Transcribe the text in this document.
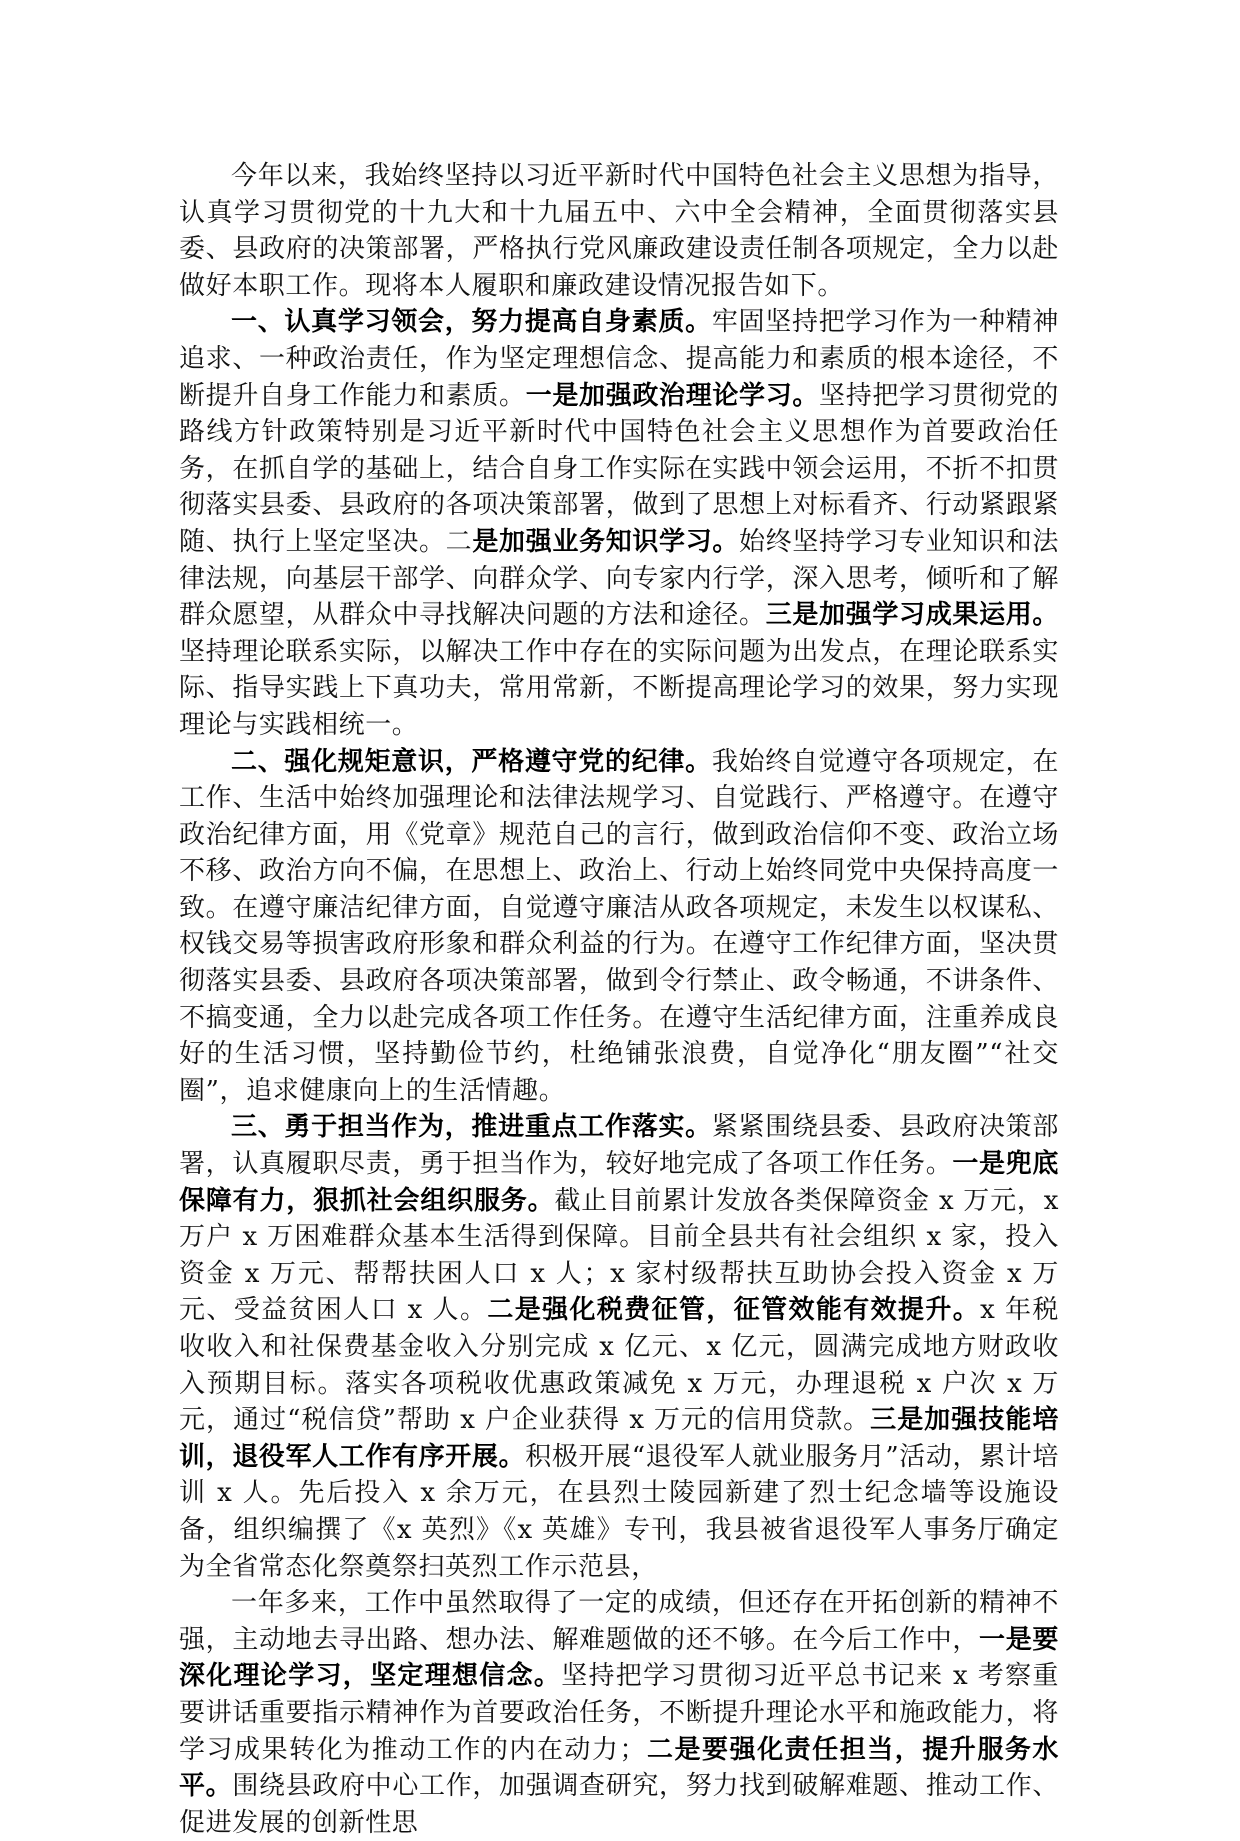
今年以来，我始终坚持以习近平新时代中国特色社会主义思想为指导，认真学习贯彻党的十九大和十九届五中、六中全会精神，全面贯彻落实县委、县政府的决策部署，严格执行党风廉政建设责任制各项规定，全力以赴做好本职工作。现将本人履职和廉政建设情况报告如下。

一、认真学习领会，努力提高自身素质。牢固坚持把学习作为一种精神追求、一种政治责任，作为坚定理想信念、提高能力和素质的根本途径，不断提升自身工作能力和素质。一是加强政治理论学习。坚持把学习贯彻党的路线方针政策特别是习近平新时代中国特色社会主义思想作为首要政治任务，在抓自学的基础上，结合自身工作实际在实践中领会运用，不折不扣贯彻落实县委、县政府的各项决策部署，做到了思想上对标看齐、行动紧跟紧随、执行上坚定坚决。二是加强业务知识学习。始终坚持学习专业知识和法律法规，向基层干部学、向群众学、向专家内行学，深入思考，倾听和了解群众愿望，从群众中寻找解决问题的方法和途径。三是加强学习成果运用。坚持理论联系实际，以解决工作中存在的实际问题为出发点，在理论联系实际、指导实践上下真功夫，常用常新，不断提高理论学习的效果，努力实现理论与实践相统一。

二、强化规矩意识，严格遵守党的纪律。我始终自觉遵守各项规定，在工作、生活中始终加强理论和法律法规学习、自觉践行、严格遵守。在遵守政治纪律方面，用《党章》规范自己的言行，做到政治信仰不变、政治立场不移、政治方向不偏，在思想上、政治上、行动上始终同党中央保持高度一致。在遵守廉洁纪律方面，自觉遵守廉洁从政各项规定，未发生以权谋私、权钱交易等损害政府形象和群众利益的行为。在遵守工作纪律方面，坚决贯彻落实县委、县政府各项决策部署，做到令行禁止、政令畅通，不讲条件、不搞变通，全力以赴完成各项工作任务。在遵守生活纪律方面，注重养成良好的生活习惯，坚持勤俭节约，杜绝铺张浪费，自觉净化“朋友圈”“社交圈”，追求健康向上的生活情趣。

三、勇于担当作为，推进重点工作落实。紧紧围绕县委、县政府决策部署，认真履职尽责，勇于担当作为，较好地完成了各项工作任务。一是兜底保障有力，狠抓社会组织服务。截止目前累计发放各类保障资金 x 万元，x 万户 x 万困难群众基本生活得到保障。目前全县共有社会组织 x 家，投入资金 x 万元、帮帮扶困人口 x 人；x 家村级帮扶互助协会投入资金 x 万元、受益贫困人口 x 人。二是强化税费征管，征管效能有效提升。x 年税收收入和社保费基金收入分别完成 x 亿元、x 亿元，圆满完成地方财政收入预期目标。落实各项税收优惠政策减免 x 万元，办理退税 x 户次 x 万元，通过“税信贷”帮助 x 户企业获得 x 万元的信用贷款。三是加强技能培训，退役军人工作有序开展。积极开展“退役军人就业服务月”活动，累计培训 x 人。先后投入 x 余万元，在县烈士陵园新建了烈士纪念墙等设施设备，组织编撰了《x 英烈》《x 英雄》专刊，我县被省退役军人事务厅确定为全省常态化祭奠祭扫英烈工作示范县，

一年多来，工作中虽然取得了一定的成绩，但还存在开拓创新的精神不强，主动地去寻出路、想办法、解难题做的还不够。在今后工作中，一是要深化理论学习，坚定理想信念。坚持把学习贯彻习近平总书记来 x 考察重要讲话重要指示精神作为首要政治任务，不断提升理论水平和施政能力，将学习成果转化为推动工作的内在动力；二是要强化责任担当，提升服务水平。围绕县政府中心工作，加强调查研究，努力找到破解难题、推动工作、促进发展的创新性思
